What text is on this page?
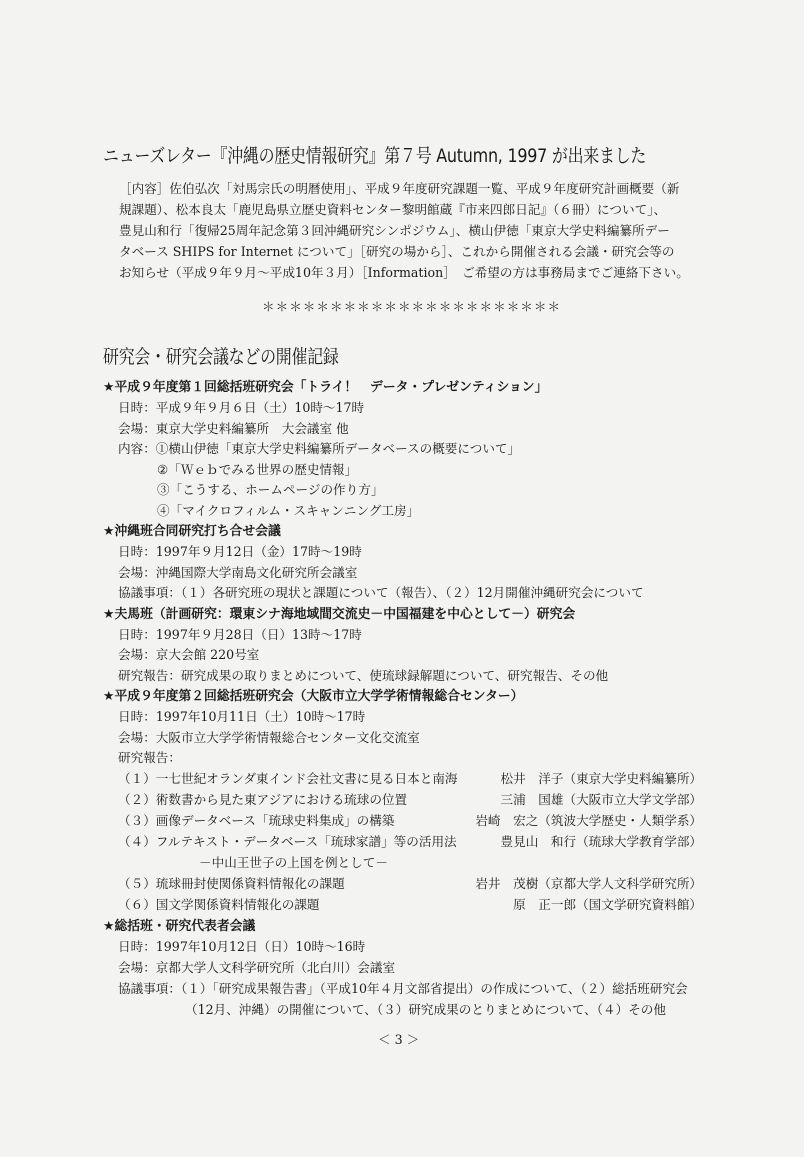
ニューズレター『沖縄の歴史情報研究』第７号 Autumn, 1997 が出来ました
［内容］佐伯弘次「対馬宗氏の明暦使用」、平成９年度研究課題一覧、平成９年度研究計画概要（新
規課題）、松本良太「鹿児島県立歴史資料センター黎明館蔵『市来四郎日記』（６冊）について」、
豊見山和行「復帰25周年記念第３回沖縄研究シンポジウム」、横山伊徳「東京大学史料編纂所デー
タベース SHIPS for Internet について」［研究の場から］、これから開催される会議・研究会等の
お知らせ（平成９年９月～平成10年３月）［Information］　ご希望の方は事務局までご連絡下さい。
＊＊＊＊＊＊＊＊＊＊＊＊＊＊＊＊＊＊＊＊＊＊
研究会・研究会議などの開催記録
★平成９年度第１回総括班研究会「トライ！　データ・プレゼンティション」
日時：平成９年９月６日（土）10時～17時
会場：東京大学史料編纂所　大会議室 他
内容：①横山伊徳「東京大学史料編纂所データベースの概要について」
②「Ｗｅｂでみる世界の歴史情報」
③「こうする、ホームページの作り方」
④「マイクロフィルム・スキャンニング工房」
★沖縄班合同研究打ち合せ会議
日時：1997年９月12日（金）17時～19時
会場：沖縄国際大学南島文化研究所会議室
協議事項：（１）各研究班の現状と課題について（報告）、（２）12月開催沖縄研究会について
★夫馬班（計画研究：環東シナ海地域間交流史－中国福建を中心として－）研究会
日時：1997年９月28日（日）13時～17時
会場：京大会館 220号室
研究報告：研究成果の取りまとめについて、使琉球録解題について、研究報告、その他
★平成９年度第２回総括班研究会（大阪市立大学学術情報総合センター）
日時：1997年10月11日（土）10時～17時
会場：大阪市立大学学術情報総合センター文化交流室
研究報告：
（１）一七世紀オランダ東インド会社文書に見る日本と南海	松井　洋子（東京大学史料編纂所）
（２）術数書から見た東アジアにおける琉球の位置	三浦　国雄（大阪市立大学文学部）
（３）画像データベース「琉球史料集成」の構築	岩崎　宏之（筑波大学歴史・人類学系）
（４）フルテキスト・データベース「琉球家譜」等の活用法	豊見山　和行（琉球大学教育学部）
－中山王世子の上国を例として－
（５）琉球冊封使関係資料情報化の課題	岩井　茂樹（京都大学人文科学研究所）
（６）国文学関係資料情報化の課題	原　正一郎（国文学研究資料館）
★総括班・研究代表者会議
日時：1997年10月12日（日）10時～16時
会場：京都大学人文科学研究所（北白川）会議室
協議事項：（１）「研究成果報告書」（平成10年４月文部省提出）の作成について、（２）総括班研究会
（12月、沖縄）の開催について、（３）研究成果のとりまとめについて、（４）その他
＜ 3 ＞
